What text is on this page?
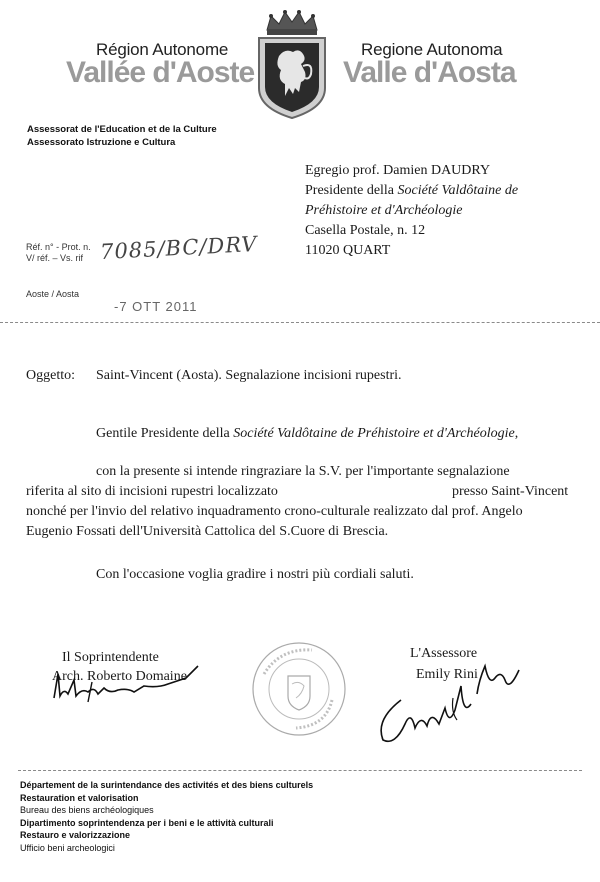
Région Autonome
Vallée d'Aoste
Regione Autonoma
Valle d'Aosta
Assessorat de l'Education et de la Culture
Assessorato Istruzione e Cultura
Egregio prof. Damien DAUDRY
Presidente della Société Valdôtaine de
Préhistoire et d'Archéologie
Casella Postale, n. 12
11020 QUART
Réf. n° - Prot. n.
V/ réf. – Vs. rif 7085/BC/DRV
Aoste / Aosta
-7 OTT 2011
Oggetto: Saint-Vincent (Aosta). Segnalazione incisioni rupestri.
Gentile Presidente della Société Valdôtaine de Préhistoire et d'Archéologie,
con la presente si intende ringraziare la S.V. per l'importante segnalazione
riferita al sito di incisioni rupestri localizzato	presso Saint-Vincent
nonché per l'invio del relativo inquadramento crono-culturale realizzato dal prof. Angelo
Eugenio Fossati dell'Università Cattolica del S.Cuore di Brescia.
Con l'occasione voglia gradire i nostri più cordiali saluti.
Il Soprintendente
Arch. Roberto Domaine
L'Assessore
Emily Rini
Département de la surintendance des activités et des biens culturels
Restauration et valorisation
Bureau des biens archéologiques
Dipartimento soprintendenza per i beni e le attività culturali
Restauro e valorizzazione
Ufficio beni archeologici
